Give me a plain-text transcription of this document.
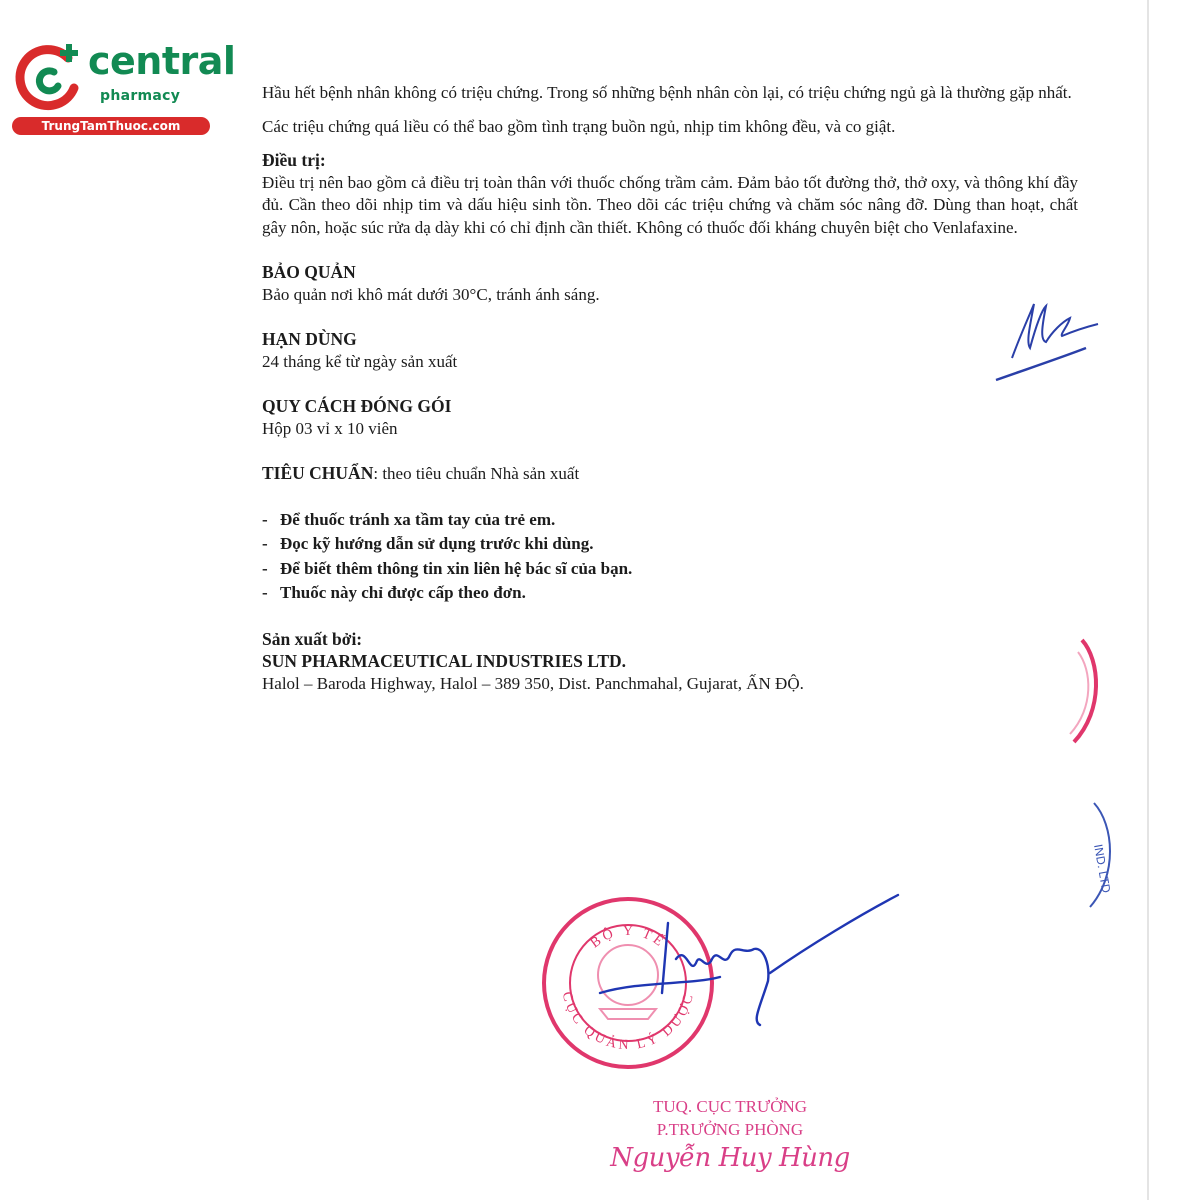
central
pharmacy
TrungTamThuoc.com

Hầu hết bệnh nhân không có triệu chứng. Trong số những bệnh nhân còn lại, có triệu chứng ngủ gà là thường gặp nhất.

Các triệu chứng quá liều có thể bao gồm tình trạng buồn ngủ, nhịp tim không đều, và co giật.

Điều trị:

Điều trị nên bao gồm cả điều trị toàn thân với thuốc chống trầm cảm. Đảm bảo tốt đường thở, thở oxy, và thông khí đầy đủ. Cần theo dõi nhịp tim và dấu hiệu sinh tồn. Theo dõi các triệu chứng và chăm sóc nâng đỡ. Dùng than hoạt, chất gây nôn, hoặc súc rửa dạ dày khi có chỉ định cần thiết. Không có thuốc đối kháng chuyên biệt cho Venlafaxine.

BẢO QUẢN

Bảo quản nơi khô mát dưới 30°C, tránh ánh sáng.

HẠN DÙNG

24 tháng kể từ ngày sản xuất

QUY CÁCH ĐÓNG GÓI

Hộp 03 vỉ x 10 viên

TIÊU CHUẨN: theo tiêu chuẩn Nhà sản xuất

- Để thuốc tránh xa tầm tay của trẻ em.
- Đọc kỹ hướng dẫn sử dụng trước khi dùng.
- Để biết thêm thông tin xin liên hệ bác sĩ của bạn.
- Thuốc này chỉ được cấp theo đơn.

Sản xuất bởi:

SUN PHARMACEUTICAL INDUSTRIES LTD.

Halol – Baroda Highway, Halol – 389 350, Dist. Panchmahal, Gujarat, ẤN ĐỘ.

IND. LTD
BỘ Y TẾ
CỤC QUẢN LÝ DƯỢC
TUQ. CỤC TRƯỞNG
P.TRƯỞNG PHÒNG
Nguyễn Huy Hùng
